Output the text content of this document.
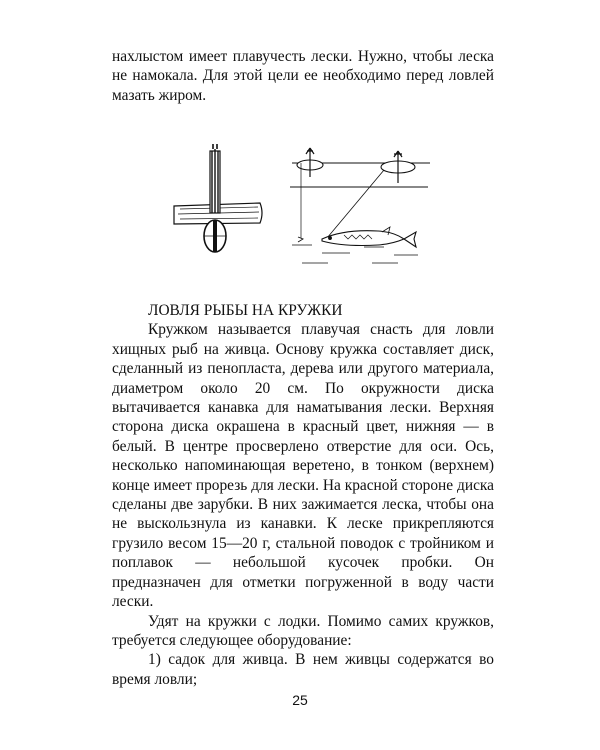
нахлыстом имеет плавучесть лески. Нужно, чтобы леска не намокала. Для этой цели ее необходимо перед ловлей мазать жиром.

ЛОВЛЯ РЫБЫ НА КРУЖКИ

Кружком называется плавучая снасть для ловли хищных рыб на живца. Основу кружка составляет диск, сделанный из пенопласта, дерева или другого материала, диаметром около 20 см. По окружности диска вытачивается канавка для наматывания лески. Верхняя сторона диска окрашена в красный цвет, нижняя — в белый. В центре просверлено отверстие для оси. Ось, несколько напоминающая веретено, в тонком (верхнем) конце имеет прорезь для лески. На красной стороне диска сделаны две зарубки. В них зажимается леска, чтобы она не выскользнула из канавки. К леске прикрепляются грузило весом 15—20 г, стальной поводок с тройником и поплавок — небольшой кусочек пробки. Он предназначен для отметки погруженной в воду части лески.

Удят на кружки с лодки. Помимо самих кружков, требуется следующее оборудование:

1) садок для живца. В нем живцы содержатся во время ловли;

25
